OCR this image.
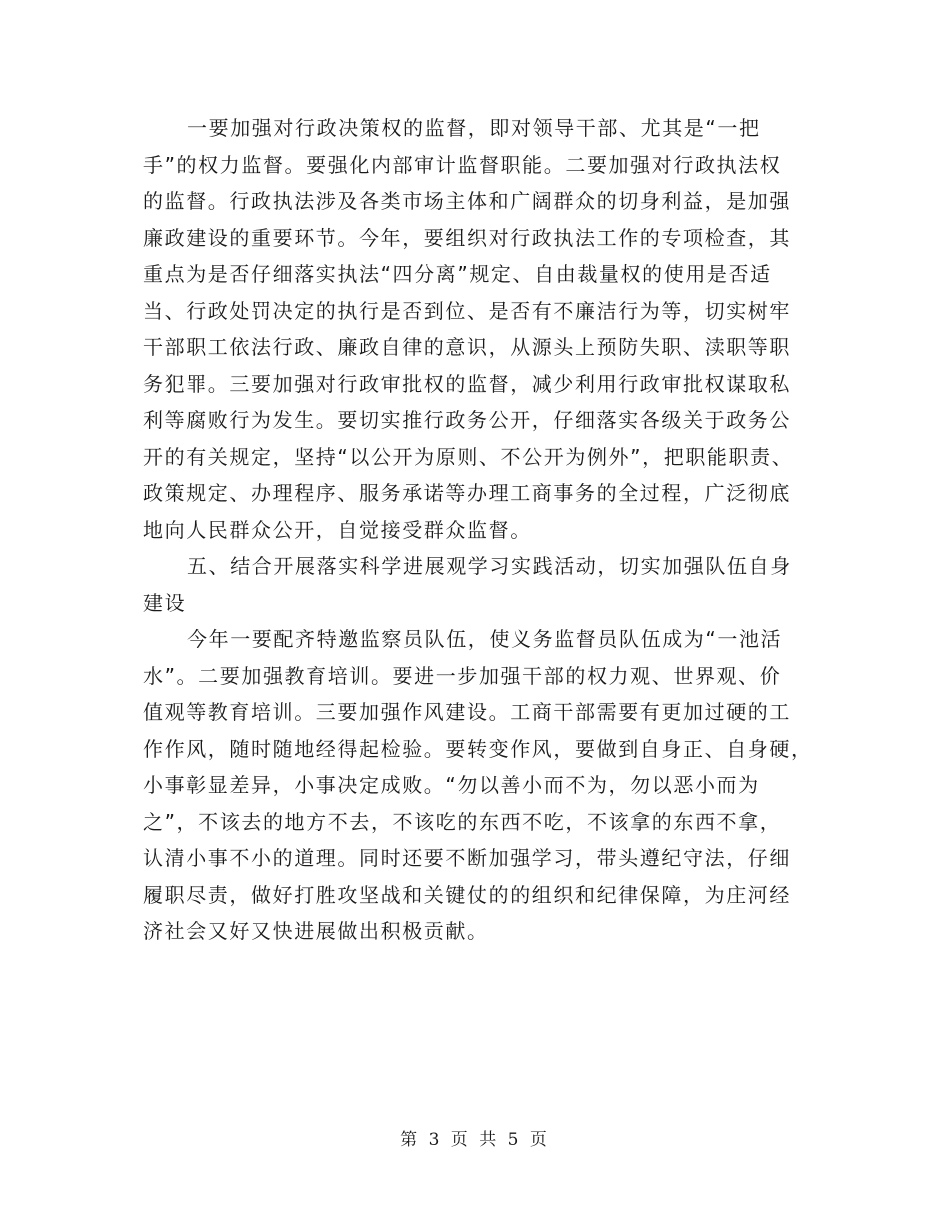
一要加强对行政决策权的监督，即对领导干部、尤其是“一把
手”的权力监督。要强化内部审计监督职能。二要加强对行政执法权
的监督。行政执法涉及各类市场主体和广阔群众的切身利益，是加强
廉政建设的重要环节。今年，要组织对行政执法工作的专项检查，其
重点为是否仔细落实执法“四分离”规定、自由裁量权的使用是否适
当、行政处罚决定的执行是否到位、是否有不廉洁行为等，切实树牢
干部职工依法行政、廉政自律的意识，从源头上预防失职、渎职等职
务犯罪。三要加强对行政审批权的监督，减少利用行政审批权谋取私
利等腐败行为发生。要切实推行政务公开，仔细落实各级关于政务公
开的有关规定，坚持“以公开为原则、不公开为例外”，把职能职责、
政策规定、办理程序、服务承诺等办理工商事务的全过程，广泛彻底
地向人民群众公开，自觉接受群众监督。
五、结合开展落实科学进展观学习实践活动，切实加强队伍自身
建设
今年一要配齐特邀监察员队伍，使义务监督员队伍成为“一池活
水”。二要加强教育培训。要进一步加强干部的权力观、世界观、价
值观等教育培训。三要加强作风建设。工商干部需要有更加过硬的工
作作风，随时随地经得起检验。要转变作风，要做到自身正、自身硬，
小事彰显差异，小事决定成败。“勿以善小而不为，勿以恶小而为
之”，不该去的地方不去，不该吃的东西不吃，不该拿的东西不拿，
认清小事不小的道理。同时还要不断加强学习，带头遵纪守法，仔细
履职尽责，做好打胜攻坚战和关键仗的的组织和纪律保障，为庄河经
济社会又好又快进展做出积极贡献。
第 3 页 共 5 页
